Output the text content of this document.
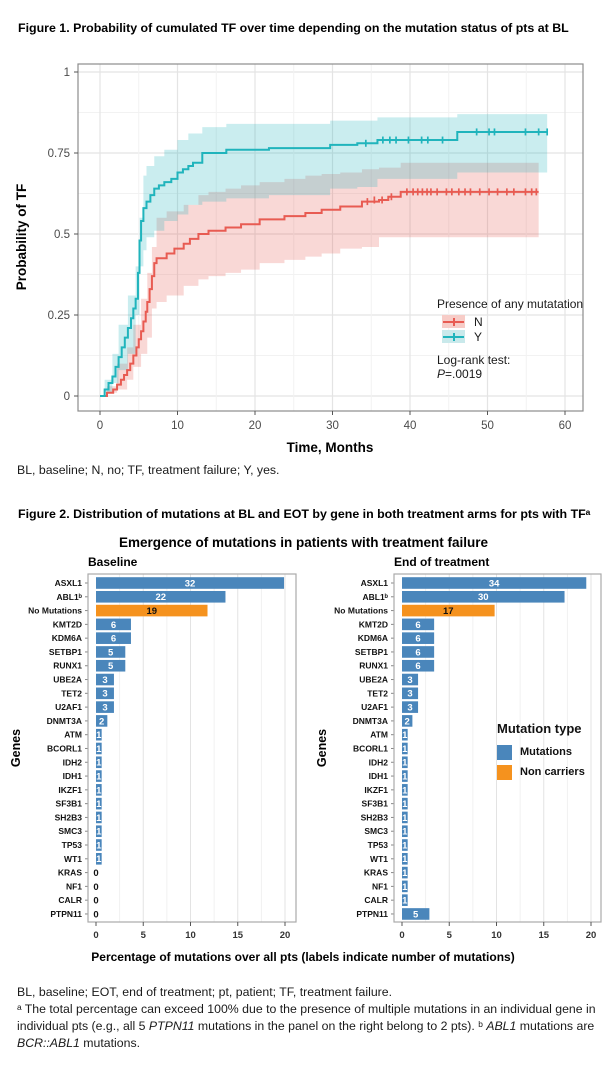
Figure 1. Probability of cumulated TF over time depending on the mutation status of pts at BL
0
0.25
0.5
0.75
1
0	10	20	30	40	50	60
Time, Months
Probability of TF
Presence of any mutatation
N
Y
Log-rank test:
P=.0019
BL, baseline; N, no; TF, treatment failure; Y, yes.
Figure 2. Distribution of mutations at BL and EOT by gene in both treatment arms for pts with TFᵃ
Emergence of mutations in patients with treatment failure
Baseline
32
ASXL1
22
ABL1ᵇ
19
No Mutations
6
KMT2D
6
KDM6A
5
SETBP1
5
RUNX1
3
UBE2A
3
TET2
3
U2AF1
2
DNMT3A
1
ATM
1
BCORL1
1
IDH2
1
IDH1
1
IKZF1
1
SF3B1
1
SH2B3
1
SMC3
1
TP53
1
WT1
0
KRAS
0
NF1
0
CALR
0
PTPN11
0	5	10	15	20
Genes
End of treatment
34
ASXL1
30
ABL1ᵇ
17
No Mutations
6
KMT2D
6
KDM6A
6
SETBP1
6
RUNX1
3
UBE2A
3
TET2
3
U2AF1
2
DNMT3A
1
ATM
1
BCORL1
1
IDH2
1
IDH1
1
IKZF1
1
SF3B1
1
SH2B3
1
SMC3
1
TP53
1
WT1
1
KRAS
1
NF1
1
CALR
5
PTPN11
0	5	10	15	20
Genes
Percentage of mutations over all pts (labels indicate number of mutations)
Mutation type
Mutations
Non carriers
BL, baseline; EOT, end of treatment; pt, patient; TF, treatment failure.
ᵃ The total percentage can exceed 100% due to the presence of multiple mutations in an individual gene in individual pts (e.g., all 5 PTPN11 mutations in the panel on the right belong to 2 pts). ᵇ ABL1 mutations are BCR::ABL1 mutations.
